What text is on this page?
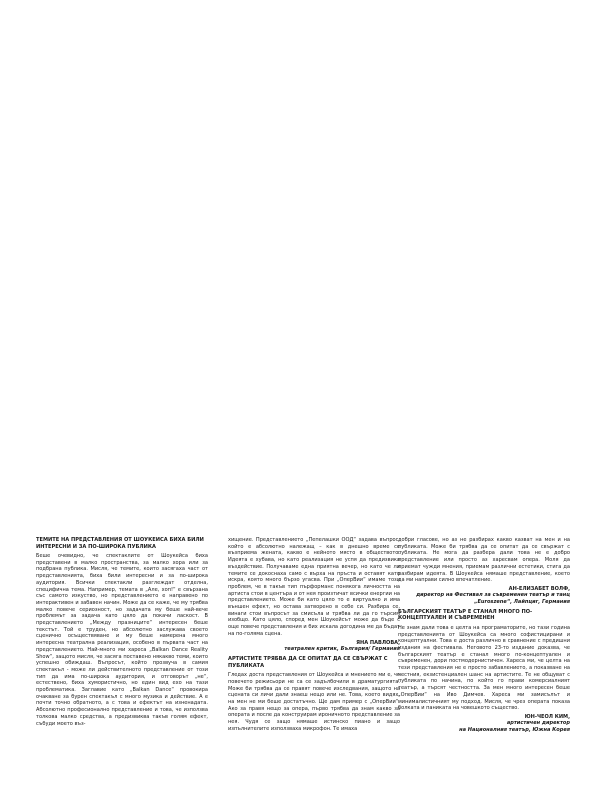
ТЕМИТЕ НА ПРЕДСТАВЛЕНИЯ ОТ ШОУКЕЙСА БИХА БИЛИ ИНТЕРЕСНИ И ЗА ПО-ШИРОКА ПУБЛИКА

Беше очевидно, че спектаклите от Шоукейса биха представени в малко пространства, за малко хора или за подбрана публика. Мисля, че темите, които засягаха част от представленията, биха били интересни и за по-широка аудитория. Всички спектакли разглеждат отделна, специфична тема. Например, темата в „Але, хоп!“ е свързана със самото изкуство, но представлението е направено по интерактивен и забавен начин. Може да се каже, че му трябва малко повече сериозност, но задачата му беше най-вече проблемът за задача като цяло да покачи ласкост. В представлението „Между празниците“ интересен беше текстът. Той е труден, но абсолютно заслужава своето сценично осъществяване и му беше намерена много интересна театрална реализация, особено в първата част на представлението. Най-много ми хареса „Balkan Dance Reality Show“, защото мисля, че засяга поставено някакво теми, които успешно обиждаш. Въпросът, който прозвуча в самия спектакъл - може ли действителното представление от този тип да има по-широка аудитория, и отговорът „не“, естествено, биха хумористично, но един вид ехо на тази проблематика. Заглавие като „Balkan Dance“ провокира очакване за бурен спектакъл с много музика и действие. А е почти точно обратното, а с това и ефектът на изненадата. Абсолютно професионално представление и това, че използва толкова малко средства, а предизвиква такъв голям ефект, събуди моето въз-

хищение. Представлението „Пепелашки ООД“ задава въпрос, който е абсолютно належащ – как в днешно време се възприема жената, какво е нейното място в обществото. Идеята е хубава, но като реализация не успя да предизвика въздействие. Получаваме една приятна вечер, но като че ли темите се докоснаха само с върха на пръста и оставят като искра, която много бързо угасва. При „ОперВии“ имаме този проблем, че в такъв тип пърформанс понякога личността на артиста стои в центъра и от нея произтичат всички енергии на представлението. Може би като цяло то е виртуално и има външен ефект, но остава затворено в себе си. Разбира се, винаги стои въпросът за смисъла и трябва ли да го търсим изобщо. Като цяло, според мен Шоукейсът може да бъде с още повече представления и бих искала догодина ме да бъдат на по-голяма сцена.

ЯНА ПАВЛОВА,
театрален критик, България/ Германия
АРТИСТИТЕ ТРЯБВА ДА СЕ ОПИТАТ ДА СЕ СВЪРЖАТ С ПУБЛИКАТА

Гледах доста представления от Шоукейса и мнението ми е, че повечето режисьори не са се задълбочили в драматургията. Може би трябва да се правят повече изследвания, защото на сцената си личи дали знаеш нещо или не. Това, което видях, на мен не ми беше достатъчно. Ще дам пример с „ОперВии“. Ако за правя нещо за опера, първо трябва да знам какво за операта и после да конструирам ироничното представление за нея. Чудя се защо нямаше истинско пиано и защо изпълнителите използваха микрофон. Те имаха

добри гласове, но аз не разбирах какво казват на мен и на публиката. Може би трябва да се опитат да се свържат с публиката. Не мога да разбера дали това не е добро представление или просто аз харесвам опера. Моля да приемат чужди мнения, приемам различни естетики, стига да разбирам идеята. В Шоукейса нямаше представление, което да ми направи силно впечатление.

АН-ЕЛИЗАБЕТ ВОЛФ,
директор на Фестивал за съвременен театър и танц „Euroszene“, Лайпциг, Германия
БЪЛГАРСКИЯТ ТЕАТЪР Е СТАНАЛ МНОГО ПО-КОНЦЕПТУАЛЕН И СЪВРЕМЕНЕН

Не знам дали това е целта на програматорите, но тази година представленията от Шоукейса са много софистицирани и концептуални. Това е доста различно в сравнение с предишни издания на фестивала. Неговото 23-то издание доказва, че българският театър е станал много по-концептуален и съвременен, дори постмодернистичен. Хареса ми, че целта на тези представления не е просто забавлението, а показване на честния, екзистенциален шанс на артистите. Те не общуват с публиката по начина, по който го прави комерсиалният театър, а търсят честността. За мен много интересен беше „ОперВии“ на Иво Димчев. Хареса ми замисълът и минималистичният му подход. Мисля, че чрез операта показа болката и паниката на човешкото същество.

ЮН-ЧЕОЛ КИМ,
артистичен директор
на Националния театър, Южна Корея
